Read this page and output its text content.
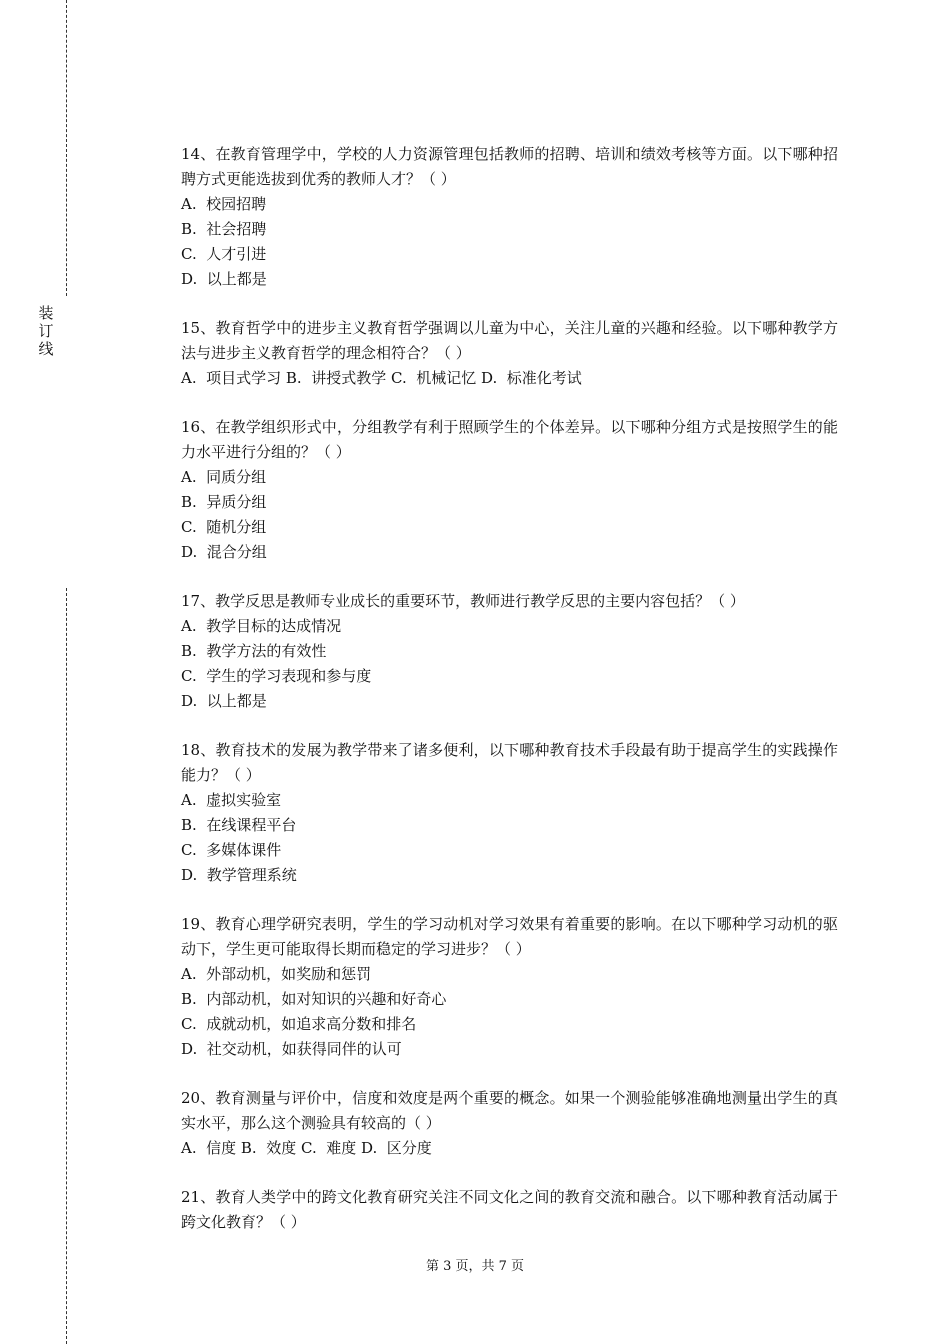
装
订
线
14、在教育管理学中，学校的人力资源管理包括教师的招聘、培训和绩效考核等方面。以下哪种招聘方式更能选拔到优秀的教师人才？（ ）
A.  校园招聘
B.  社会招聘
C.  人才引进
D.  以上都是
15、教育哲学中的进步主义教育哲学强调以儿童为中心，关注儿童的兴趣和经验。以下哪种教学方法与进步主义教育哲学的理念相符合？（ ）
A.  项目式学习 B.  讲授式教学 C.  机械记忆 D.  标准化考试
16、在教学组织形式中，分组教学有利于照顾学生的个体差异。以下哪种分组方式是按照学生的能力水平进行分组的？（ ）
A.  同质分组
B.  异质分组
C.  随机分组
D.  混合分组
17、教学反思是教师专业成长的重要环节，教师进行教学反思的主要内容包括？（ ）
A.  教学目标的达成情况
B.  教学方法的有效性
C.  学生的学习表现和参与度
D.  以上都是
18、教育技术的发展为教学带来了诸多便利，以下哪种教育技术手段最有助于提高学生的实践操作能力？（ ）
A.  虚拟实验室
B.  在线课程平台
C.  多媒体课件
D.  教学管理系统
19、教育心理学研究表明，学生的学习动机对学习效果有着重要的影响。在以下哪种学习动机的驱动下，学生更可能取得长期而稳定的学习进步？（ ）
A.  外部动机，如奖励和惩罚
B.  内部动机，如对知识的兴趣和好奇心
C.  成就动机，如追求高分数和排名
D.  社交动机，如获得同伴的认可
20、教育测量与评价中，信度和效度是两个重要的概念。如果一个测验能够准确地测量出学生的真实水平，那么这个测验具有较高的（ ）
A.  信度 B.  效度 C.  难度 D.  区分度
21、教育人类学中的跨文化教育研究关注不同文化之间的教育交流和融合。以下哪种教育活动属于跨文化教育？（ ）
第 3 页，共 7 页
